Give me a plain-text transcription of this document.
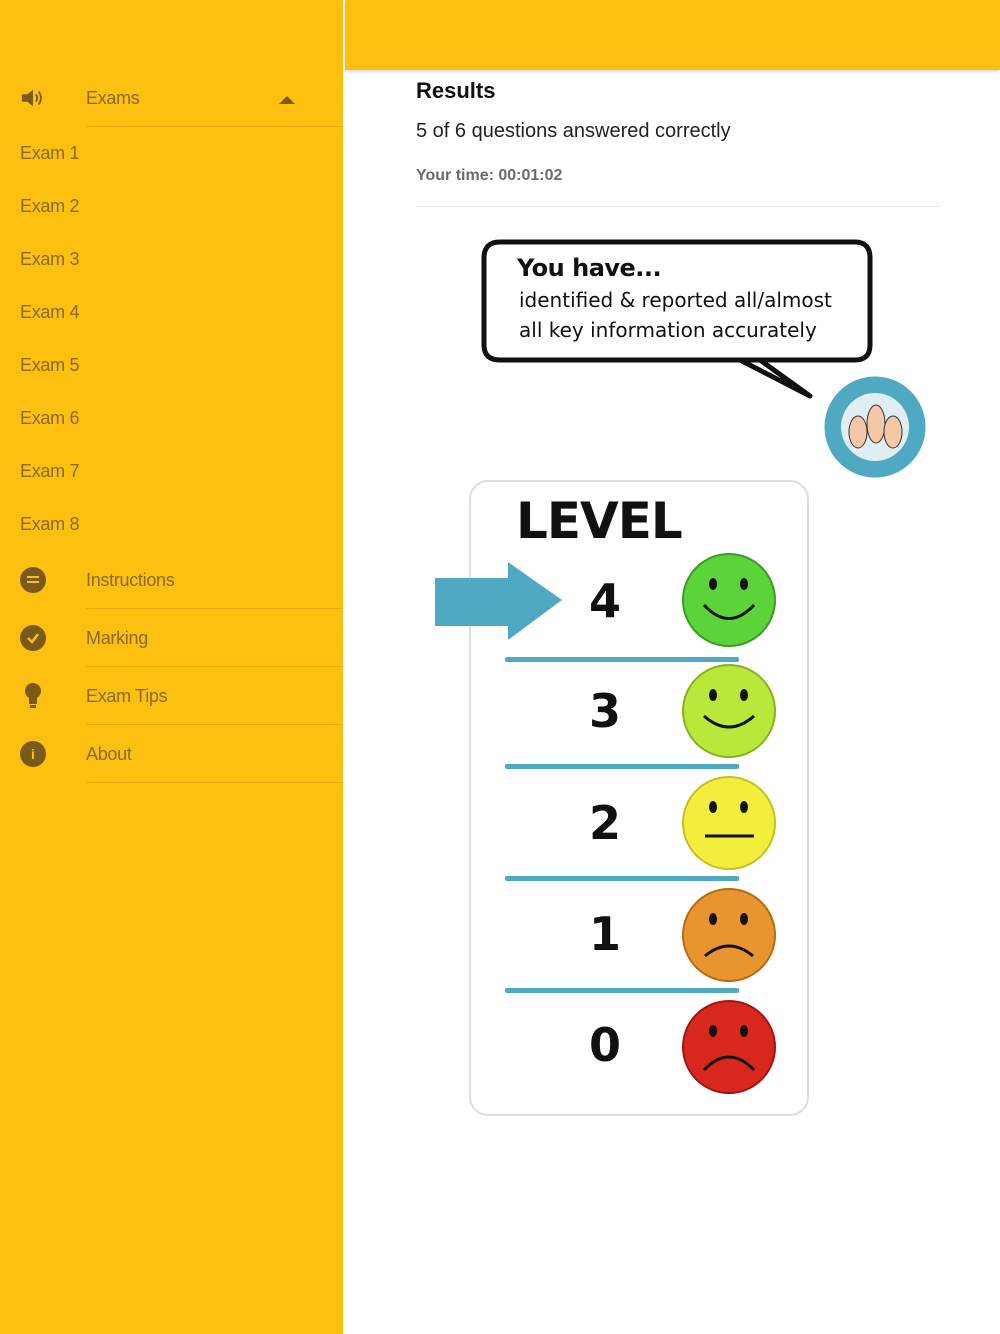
Exams
Exam 1
Exam 2
Exam 3
Exam 4
Exam 5
Exam 6
Exam 7
Exam 8
Instructions
Marking
Exam Tips
i	About
Results
5 of 6 questions answered correctly
Your time: 00:01:02
You have...
identified & reported all/almost
all key information accurately
LEVEL
4
3
2
1
0
